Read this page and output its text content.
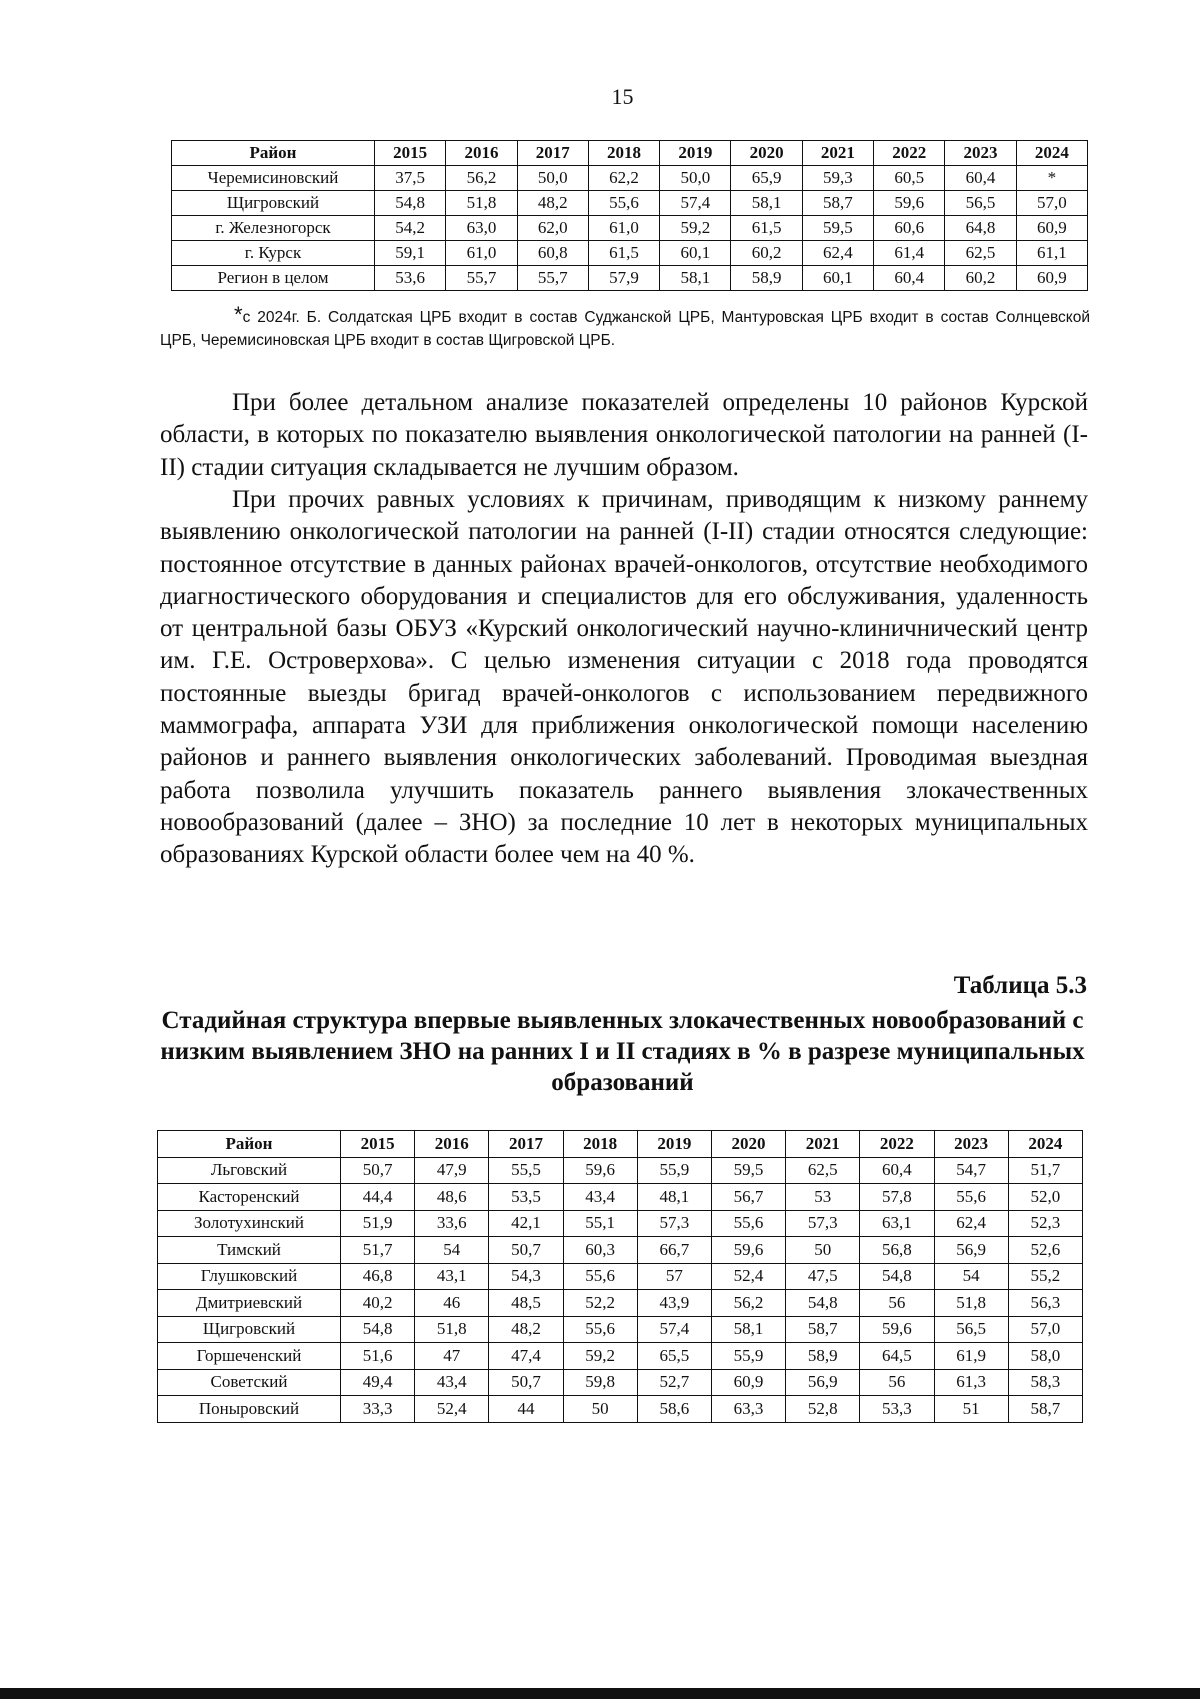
15
Район	2015	2016	2017	2018	2019	2020	2021	2022	2023	2024
Черемисиновский	37,5	56,2	50,0	62,2	50,0	65,9	59,3	60,5	60,4	*
Щигровский	54,8	51,8	48,2	55,6	57,4	58,1	58,7	59,6	56,5	57,0
г. Железногорск	54,2	63,0	62,0	61,0	59,2	61,5	59,5	60,6	64,8	60,9
г. Курск	59,1	61,0	60,8	61,5	60,1	60,2	62,4	61,4	62,5	61,1
Регион в целом	53,6	55,7	55,7	57,9	58,1	58,9	60,1	60,4	60,2	60,9
*с 2024г. Б. Солдатская ЦРБ входит в состав Суджанской ЦРБ, Мантуровская ЦРБ входит в состав Солнцевской ЦРБ, Черемисиновская ЦРБ входит в состав Щигровской ЦРБ.

При более детальном анализе показателей определены 10 районов Курской области, в которых по показателю выявления онкологической патологии на ранней (I-II) стадии ситуация складывается не лучшим образом.

При прочих равных условиях к причинам, приводящим к низкому раннему выявлению онкологической патологии на ранней (I-II) стадии относятся следующие: постоянное отсутствие в данных районах врачей-онкологов, отсутствие необходимого диагностического оборудования и специалистов для его обслуживания, удаленность от центральной базы ОБУЗ «Курский онкологический научно-клиничнический центр им. Г.Е. Островерхова». С целью изменения ситуации с 2018 года проводятся постоянные выезды бригад врачей-онкологов с использованием передвижного маммографа, аппарата УЗИ для приближения онкологической помощи населению районов и раннего выявления онкологических заболеваний. Проводимая выездная работа позволила улучшить показатель раннего выявления злокачественных новообразований (далее – ЗНО) за последние 10 лет в некоторых муниципальных образованиях Курской области более чем на 40 %.

Таблица 5.3

Стадийная структура впервые выявленных злокачественных новообразований с низким выявлением ЗНО на ранних I и II стадиях в % в разрезе муниципальных образований

Район	2015	2016	2017	2018	2019	2020	2021	2022	2023	2024
Льговский	50,7	47,9	55,5	59,6	55,9	59,5	62,5	60,4	54,7	51,7
Касторенский	44,4	48,6	53,5	43,4	48,1	56,7	53	57,8	55,6	52,0
Золотухинский	51,9	33,6	42,1	55,1	57,3	55,6	57,3	63,1	62,4	52,3
Тимский	51,7	54	50,7	60,3	66,7	59,6	50	56,8	56,9	52,6
Глушковский	46,8	43,1	54,3	55,6	57	52,4	47,5	54,8	54	55,2
Дмитриевский	40,2	46	48,5	52,2	43,9	56,2	54,8	56	51,8	56,3
Щигровский	54,8	51,8	48,2	55,6	57,4	58,1	58,7	59,6	56,5	57,0
Горшеченский	51,6	47	47,4	59,2	65,5	55,9	58,9	64,5	61,9	58,0
Советский	49,4	43,4	50,7	59,8	52,7	60,9	56,9	56	61,3	58,3
Поныровский	33,3	52,4	44	50	58,6	63,3	52,8	53,3	51	58,7
